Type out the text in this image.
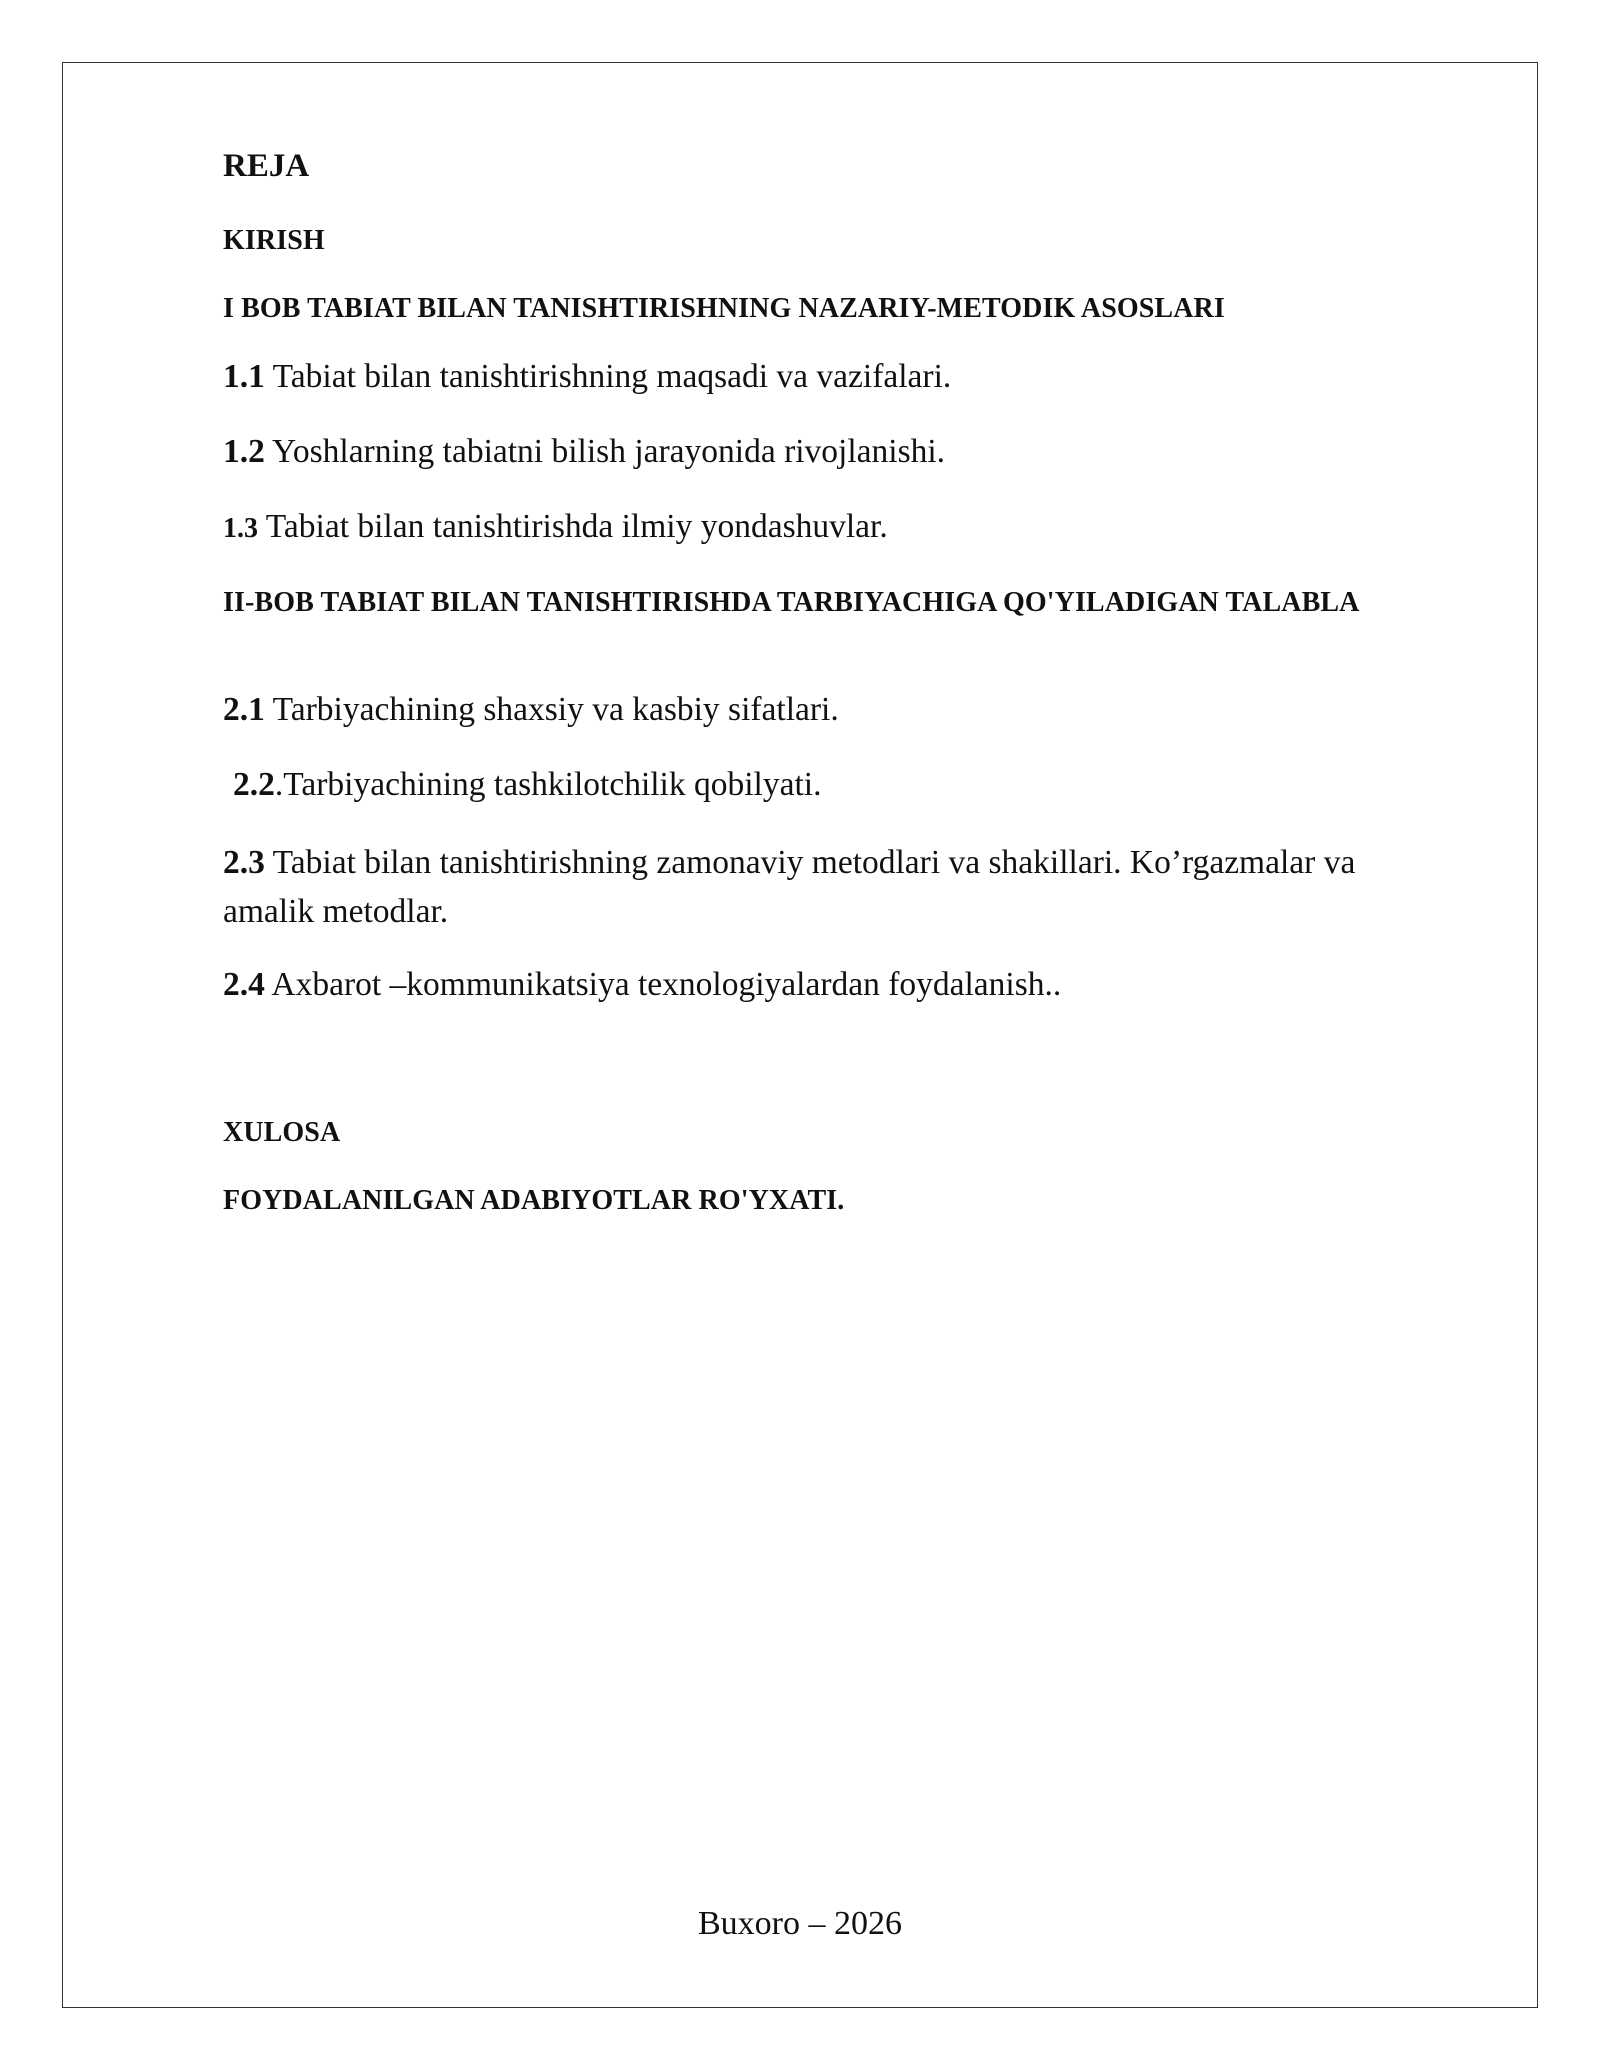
REJA
KIRISH
I BOB TABIAT BILAN TANISHTIRISHNING NAZARIY-METODIK ASOSLARI
1.1 Tabiat bilan tanishtirishning maqsadi va vazifalari.
1.2 Yoshlarning tabiatni bilish jarayonida rivojlanishi.
1.3 Tabiat bilan tanishtirishda ilmiy yondashuvlar.
II-BOB TABIAT BILAN TANISHTIRISHDA TARBIYACHIGA QO'YILADIGAN TALABLA
2.1 Tarbiyachining shaxsiy va kasbiy sifatlari.
2.2.Tarbiyachining tashkilotchilik qobilyati.
2.3 Tabiat bilan tanishtirishning zamonaviy metodlari va shakillari. Ko’rgazmalar va amalik metodlar.
2.4 Axbarot –kommunikatsiya texnologiyalardan foydalanish..
XULOSA
FOYDALANILGAN ADABIYOTLAR RO'YXATI.
Buxoro – 2026
